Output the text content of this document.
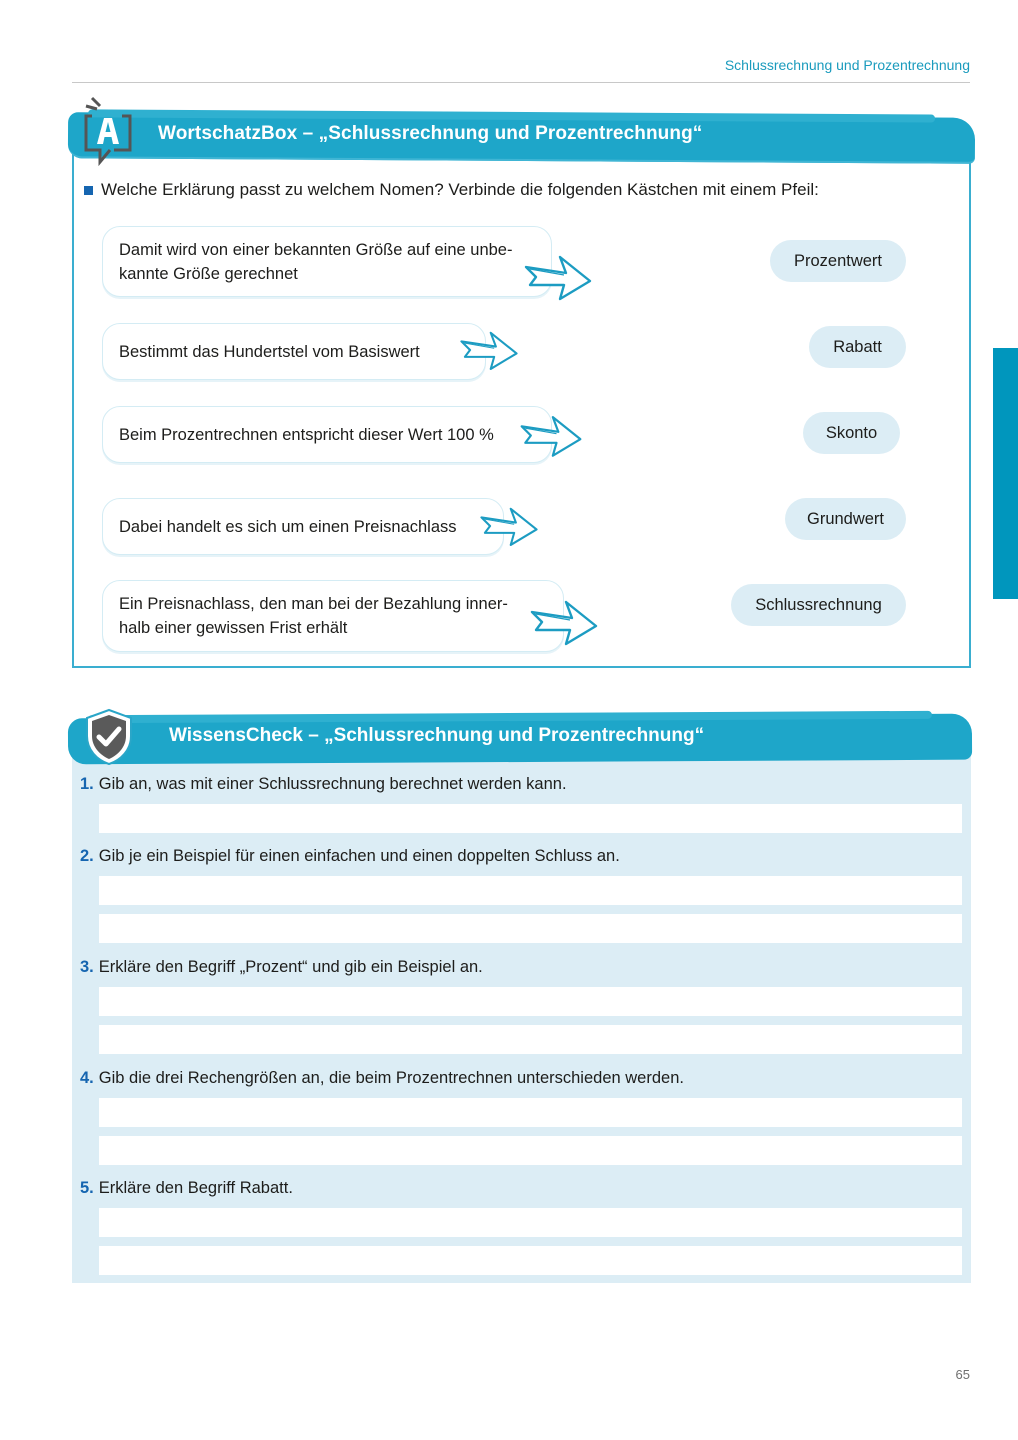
Schlussrechnung und Prozentrechnung
WortschatzBox – „Schlussrechnung und Prozentrechnung“
Welche Erklärung passt zu welchem Nomen? Verbinde die folgenden Kästchen mit einem Pfeil:
Damit wird von einer bekannten Größe auf eine unbe-
kannte Größe gerechnet
Bestimmt das Hundertstel vom Basiswert
Beim Prozentrechnen entspricht dieser Wert 100 %
Dabei handelt es sich um einen Preisnachlass
Ein Preisnachlass, den man bei der Bezahlung inner-
halb einer gewissen Frist erhält
Prozentwert
Rabatt
Skonto
Grundwert
Schlussrechnung
WissensCheck – „Schlussrechnung und Prozentrechnung“
1. Gib an, was mit einer Schlussrechnung berechnet werden kann.
2. Gib je ein Beispiel für einen einfachen und einen doppelten Schluss an.
3. Erkläre den Begriff „Prozent“ und gib ein Beispiel an.
4. Gib die drei Rechengrößen an, die beim Prozentrechnen unterschieden werden.
5. Erkläre den Begriff Rabatt.
65
